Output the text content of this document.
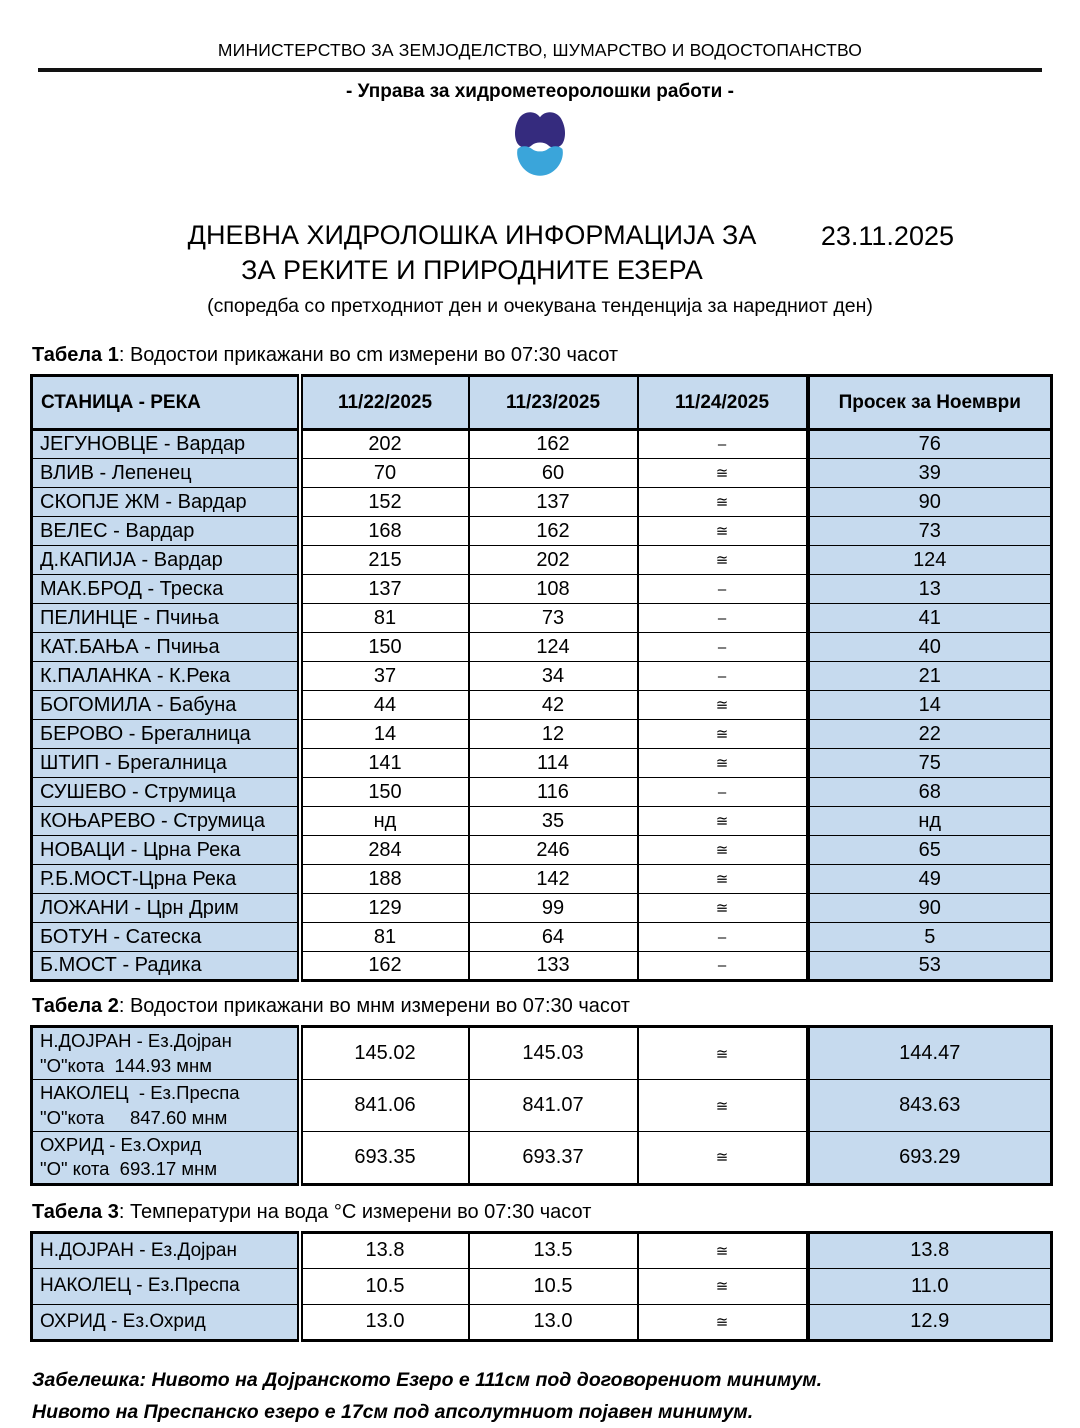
МИНИСТЕРСТВО ЗА ЗЕМЈОДЕЛСТВО, ШУМАРСТВО И ВОДОСТОПАНСТВО
- Управа за хидрометеоролошки работи -
ДНЕВНА ХИДРОЛОШКА ИНФОРМАЦИЈА ЗА
ЗА РЕКИТЕ И ПРИРОДНИТЕ ЕЗЕРА
23.11.2025
(споредба со претходниот ден и очекувана тенденција за наредниот ден)
Табела 1: Водостои прикажани во cm измерени во 07:30 часот
СТАНИЦА - РЕКА	11/22/2025	11/23/2025	11/24/2025	Просек за Ноември
ЈЕГУНОВЦЕ - Вардар	202	162	–	76
ВЛИВ - Лепенец	70	60	≅	39
СКОПЈЕ ЖМ - Вардар	152	137	≅	90
ВЕЛЕС - Вардар	168	162	≅	73
Д.КАПИЈА - Вардар	215	202	≅	124
МАК.БРОД - Треска	137	108	–	13
ПЕЛИНЦЕ - Пчиња	81	73	–	41
КАТ.БАЊА - Пчиња	150	124	–	40
К.ПАЛАНКА - К.Река	37	34	–	21
БОГОМИЛА - Бабуна	44	42	≅	14
БЕРОВО - Брегалница	14	12	≅	22
ШТИП - Брегалница	141	114	≅	75
СУШЕВО - Струмица	150	116	–	68
КОЊАРЕВО - Струмица	нд	35	≅	нд
НОВАЦИ - Црна Река	284	246	≅	65
Р.Б.МОСТ-Црна Река	188	142	≅	49
ЛОЖАНИ - Црн Дрим	129	99	≅	90
БОТУН - Сатеска	81	64	–	5
Б.МОСТ - Радика	162	133	–	53
Табела 2: Водостои прикажани во мнм измерени во 07:30 часот
Н.ДОЈРАН - Ез.Дојран
"О"кота  144.93 мнм	145.02	145.03	≅	144.47

НАКОЛЕЦ  - Ез.Преспа
"О"кота     847.60 мнм	841.06	841.07	≅	843.63

ОХРИД - Ез.Охрид
"О" кота  693.17 мнм	693.35	693.37	≅	693.29
Табела 3: Температури на вода °C измерени во 07:30 часот
Н.ДОЈРАН - Ез.Дојран	13.8	13.5	≅	13.8
НАКОЛЕЦ - Ез.Преспа	10.5	10.5	≅	11.0
ОХРИД - Ез.Охрид	13.0	13.0	≅	12.9
Забелешка: Нивото на Дојранското Езеро е 111см под договорениот минимум.
Нивото на Преспанско езеро е 17см под апсолутниот појавен минимум.
